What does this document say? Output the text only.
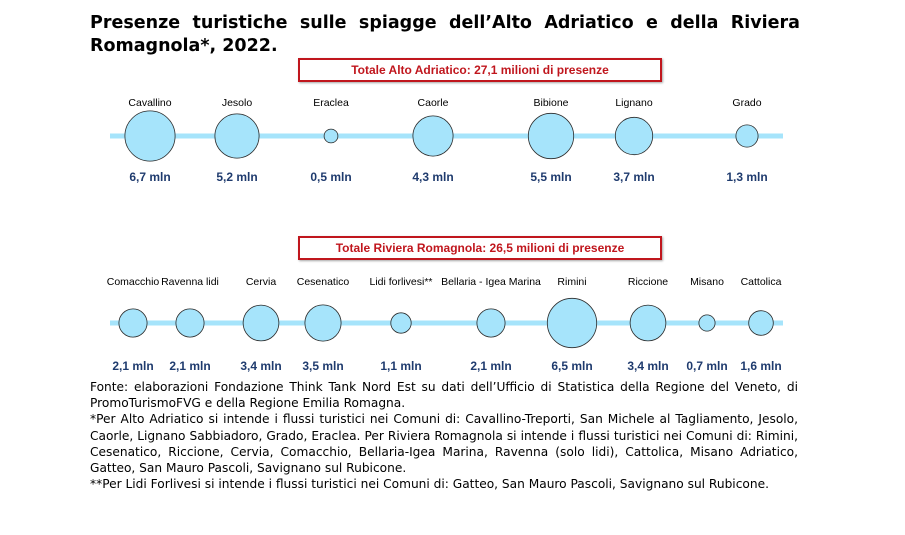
Presenze turistiche sulle spiagge dell’Alto Adriatico e della Riviera Romagnola*, 2022.
Cavallino
6,7 mln
Jesolo
5,2 mln
Eraclea
0,5 mln
Caorle
4,3 mln
Bibione
5,5 mln
Lignano
3,7 mln
Grado
1,3 mln
Comacchio
2,1 mln
Ravenna lidi
2,1 mln
Cervia
3,4 mln
Cesenatico
3,5 mln
Lidi forlivesi**
1,1 mln
Bellaria - Igea Marina
2,1 mln
Rimini
6,5 mln
Riccione
3,4 mln
Misano
0,7 mln
Cattolica
1,6 mln
Totale Alto Adriatico: 27,1 milioni di presenze
Totale Riviera Romagnola: 26,5 milioni di presenze

Fonte: elaborazioni Fondazione Think Tank Nord Est su dati dell’Ufficio di Statistica della Regione del Veneto, di PromoTurismoFVG e della Regione Emilia Romagna.

*Per Alto Adriatico si intende i flussi turistici nei Comuni di: Cavallino-Treporti, San Michele al Tagliamento, Jesolo, Caorle, Lignano Sabbiadoro, Grado, Eraclea. Per Riviera Romagnola si intende i flussi turistici nei Comuni di: Rimini, Cesenatico, Riccione, Cervia, Comacchio, Bellaria-Igea Marina, Ravenna (solo lidi), Cattolica, Misano Adriatico, Gatteo, San Mauro Pascoli, Savignano sul Rubicone.

**Per Lidi Forlivesi si intende i flussi turistici nei Comuni di: Gatteo, San Mauro Pascoli, Savignano sul Rubicone.
